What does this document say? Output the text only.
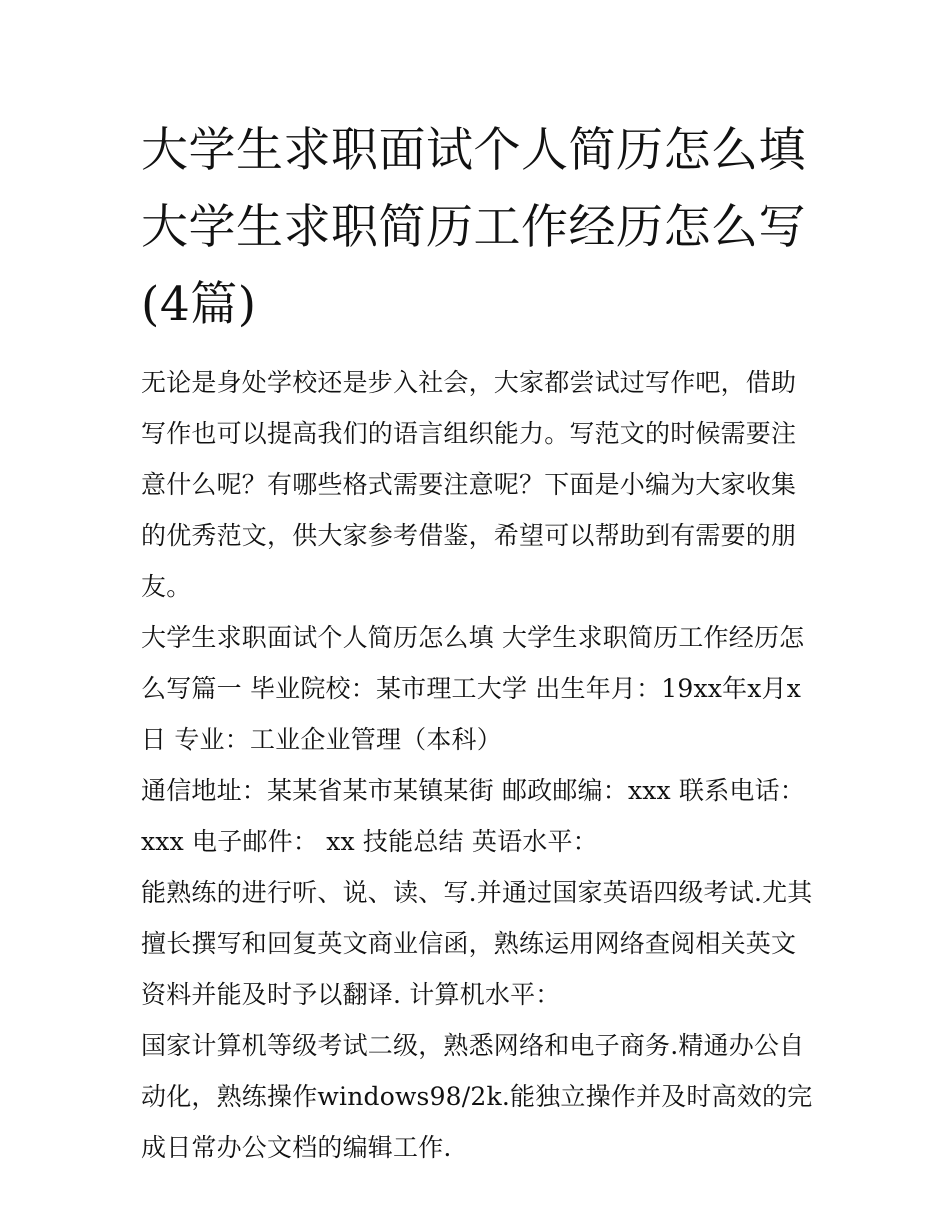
大学生求职面试个人简历怎么填 大学生求职简历工作经历怎么写(4篇)

无论是身处学校还是步入社会，大家都尝试过写作吧，借助写作也可以提高我们的语言组织能力。写范文的时候需要注意什么呢？有哪些格式需要注意呢？下面是小编为大家收集的优秀范文，供大家参考借鉴，希望可以帮助到有需要的朋友。

大学生求职面试个人简历怎么填 大学生求职简历工作经历怎么写篇一 毕业院校：某市理工大学 出生年月：19xx年x月x日 专业：工业企业管理（本科）

通信地址：某某省某市某镇某街 邮政邮编：xxx 联系电话：xxx 电子邮件： xx 技能总结 英语水平：

能熟练的进行听、说、读、写.并通过国家英语四级考试.尤其擅长撰写和回复英文商业信函，熟练运用网络查阅相关英文资料并能及时予以翻译. 计算机水平：

国家计算机等级考试二级，熟悉网络和电子商务.精通办公自动化，熟练操作windows98/2k.能独立操作并及时高效的完成日常办公文档的编辑工作.
